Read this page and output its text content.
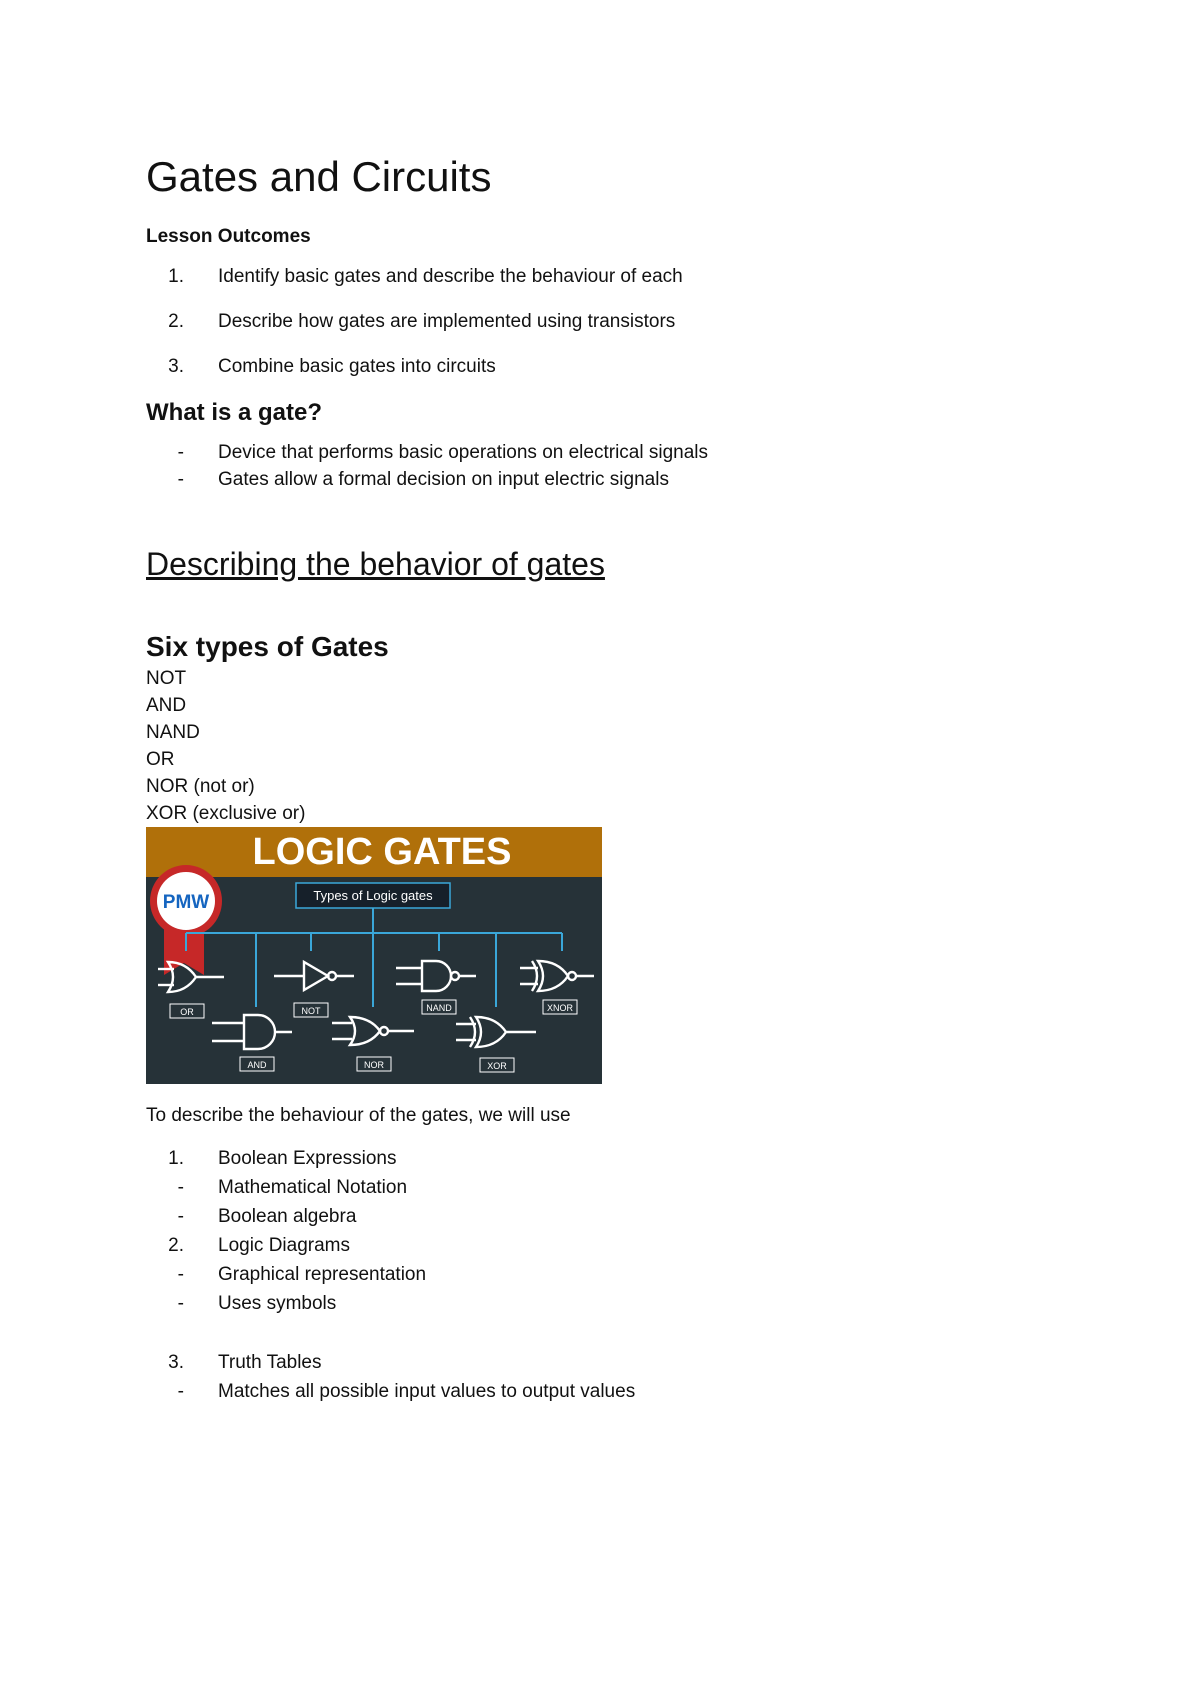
Gates and Circuits
Lesson Outcomes
1.	Identify basic gates and describe the behaviour of each
2.	Describe how gates are implemented using transistors
3.	Combine basic gates into circuits
What is a gate?
-	Device that performs basic operations on electrical signals
-	Gates allow a formal decision on input electric signals
Describing the behavior of gates
Six types of Gates
NOT
AND
NAND
OR
NOR (not or)
XOR (exclusive or)
LOGIC GATES
PMW	Types of Logic gates
OR	NOT	NAND	XNOR
AND	NOR	XOR
To describe the behaviour of the gates, we will use
1.	Boolean Expressions
-	Mathematical Notation
-	Boolean algebra
2.	Logic Diagrams
-	Graphical representation
-	Uses symbols
3.	Truth Tables
-	Matches all possible input values to output values
